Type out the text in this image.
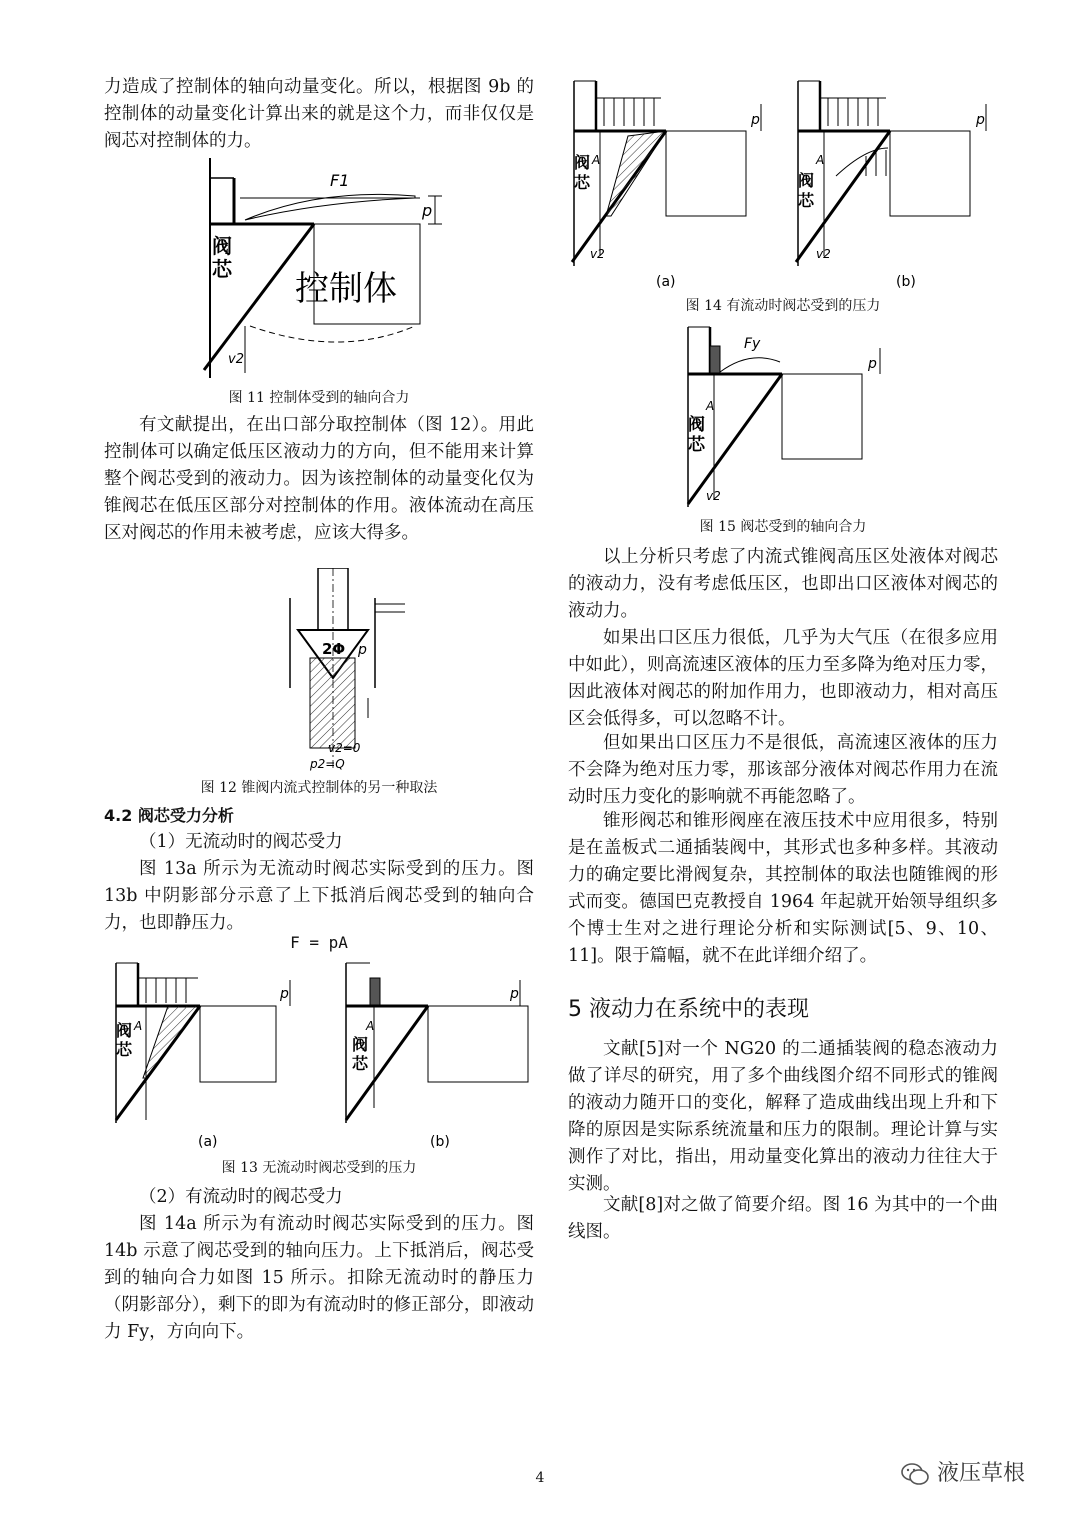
力造成了控制体的轴向动量变化。所以，根据图 9b 的控制体的动量变化计算出来的就是这个力，而非仅仅是阀芯对控制体的力。

阀
芯 控制体
F1
p
v2

图 11 控制体受到的轴向合力

有文献提出，在出口部分取控制体（图 12）。用此控制体可以确定低压区液动力的方向，但不能用来计算整个阀芯受到的液动力。因为该控制体的动量变化仅为锥阀芯在低压区部分对控制体的作用。液体流动在高压区对阀芯的作用未被考虑，应该大得多。

2Φ p
v2=0
p2=Q

图 12 锥阀内流式控制体的另一种取法

4.2 阀芯受力分析

（1）无流动时的阀芯受力

图 13a 所示为无流动时阀芯实际受到的压力。图 13b 中阴影部分示意了上下抵消后阀芯受到的轴向合力，也即静压力。

F = pA

p
阀
芯
A
(a)
p
阀
芯
A
(b)

图 13 无流动时阀芯受到的压力

（2）有流动时的阀芯受力

图 14a 所示为有流动时阀芯实际受到的压力。图 14b 示意了阀芯受到的轴向压力。上下抵消后，阀芯受到的轴向合力如图 15 所示。扣除无流动时的静压力（阴影部分），剩下的即为有流动时的修正部分，即液动力 Fy，方向向下。

p
阀
芯
A
v2
(a)
p
阀
芯
A
v2
(b)

图 14 有流动时阀芯受到的压力

p
Fy
阀
芯
A
v2

图 15 阀芯受到的轴向合力

以上分析只考虑了内流式锥阀高压区处液体对阀芯的液动力，没有考虑低压区，也即出口区液体对阀芯的液动力。

如果出口区压力很低，几乎为大气压（在很多应用中如此），则高流速区液体的压力至多降为绝对压力零，因此液体对阀芯的附加作用力，也即液动力，相对高压区会低得多，可以忽略不计。

但如果出口区压力不是很低，高流速区液体的压力不会降为绝对压力零，那该部分液体对阀芯作用力在流动时压力变化的影响就不再能忽略了。

锥形阀芯和锥形阀座在液压技术中应用很多，特别是在盖板式二通插装阀中，其形式也多种多样。其液动力的确定要比滑阀复杂，其控制体的取法也随锥阀的形式而变。德国巴克教授自 1964 年起就开始领导组织多个博士生对之进行理论分析和实际测试[5、9、10、11]。限于篇幅，就不在此详细介绍了。

5 液动力在系统中的表现

文献[5]对一个 NG20 的二通插装阀的稳态液动力做了详尽的研究，用了多个曲线图介绍不同形式的锥阀的液动力随开口的变化，解释了造成曲线出现上升和下降的原因是实际系统流量和压力的限制。理论计算与实测作了对比，指出，用动量变化算出的液动力往往大于实测。

文献[8]对之做了简要介绍。图 16 为其中的一个曲线图。

4	液压草根
